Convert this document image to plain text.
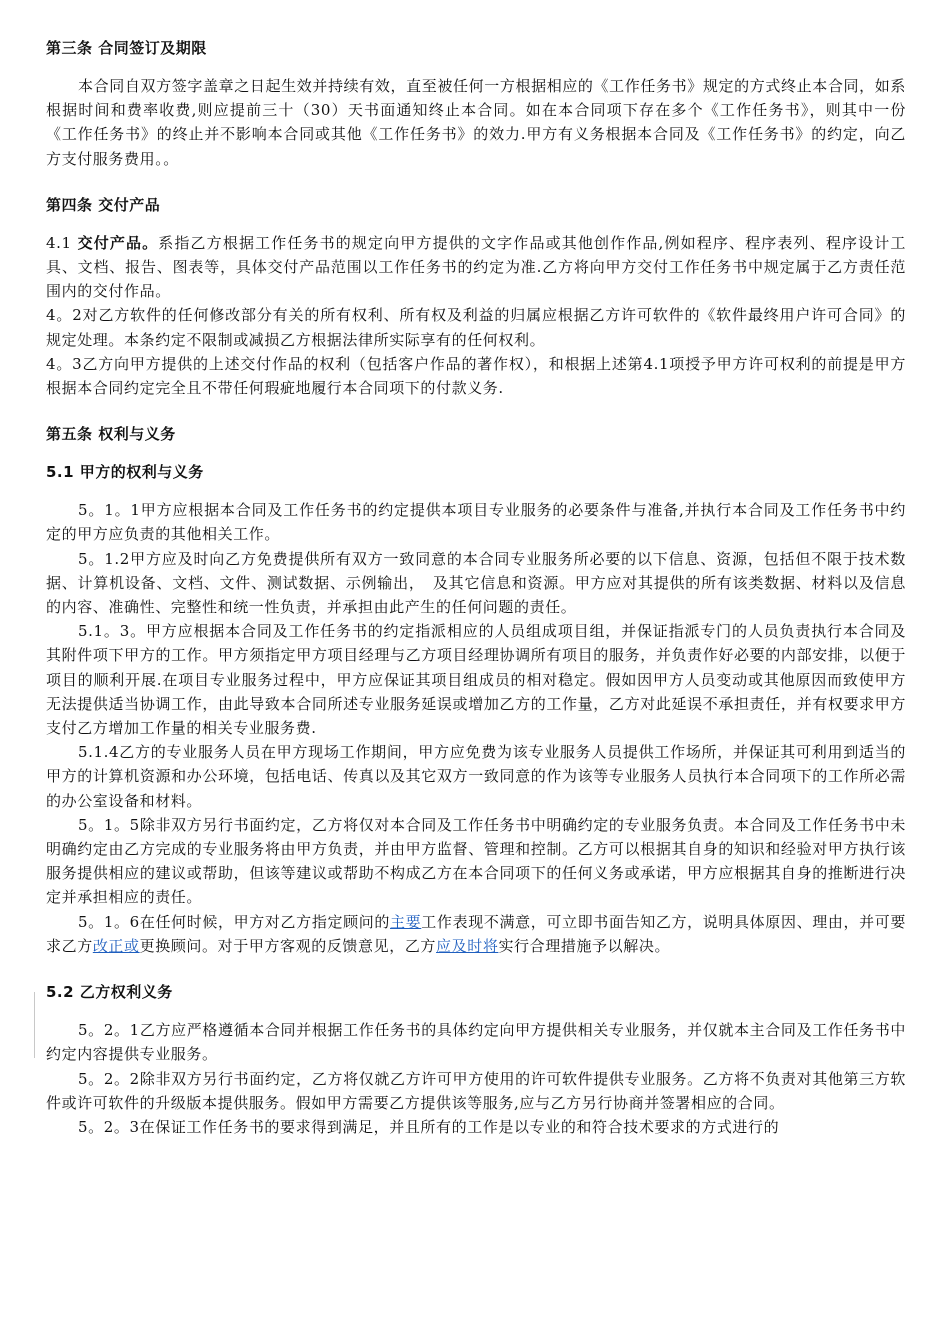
第三条 合同签订及期限

本合同自双方签字盖章之日起生效并持续有效，直至被任何一方根据相应的《工作任务书》规定的方式终止本合同，如系根据时间和费率收费,则应提前三十（30）天书面通知终止本合同。如在本合同项下存在多个《工作任务书》，则其中一份《工作任务书》的终止并不影响本合同或其他《工作任务书》的效力.甲方有义务根据本合同及《工作任务书》的约定，向乙方支付服务费用。。

第四条 交付产品

4.1 交付产品。系指乙方根据工作任务书的规定向甲方提供的文字作品或其他创作作品,例如程序、程序表列、程序设计工具、文档、报告、图表等，具体交付产品范围以工作任务书的约定为准.乙方将向甲方交付工作任务书中规定属于乙方责任范围内的交付作品。

4。2对乙方软件的任何修改部分有关的所有权利、所有权及利益的归属应根据乙方许可软件的《软件最终用户许可合同》的规定处理。本条约定不限制或减损乙方根据法律所实际享有的任何权利。

4。3乙方向甲方提供的上述交付作品的权利（包括客户作品的著作权），和根据上述第4.1项授予甲方许可权利的前提是甲方根据本合同约定完全且不带任何瑕疵地履行本合同项下的付款义务.

第五条 权利与义务

5.1 甲方的权利与义务

5。1。1甲方应根据本合同及工作任务书的约定提供本项目专业服务的必要条件与准备,并执行本合同及工作任务书中约定的甲方应负责的其他相关工作。

5。1.2甲方应及时向乙方免费提供所有双方一致同意的本合同专业服务所必要的以下信息、资源，包括但不限于技术数据、计算机设备、文档、文件、测试数据、示例输出，　及其它信息和资源。甲方应对其提供的所有该类数据、材料以及信息的内容、准确性、完整性和统一性负责，并承担由此产生的任何问题的责任。

5.1。3。甲方应根据本合同及工作任务书的约定指派相应的人员组成项目组，并保证指派专门的人员负责执行本合同及其附件项下甲方的工作。甲方须指定甲方项目经理与乙方项目经理协调所有项目的服务，并负责作好必要的内部安排，以便于项目的顺利开展.在项目专业服务过程中，甲方应保证其项目组成员的相对稳定。假如因甲方人员变动或其他原因而致使甲方无法提供适当协调工作，由此导致本合同所述专业服务延误或增加乙方的工作量，乙方对此延误不承担责任，并有权要求甲方支付乙方增加工作量的相关专业服务费.

5.1.4乙方的专业服务人员在甲方现场工作期间，甲方应免费为该专业服务人员提供工作场所，并保证其可利用到适当的甲方的计算机资源和办公环境，包括电话、传真以及其它双方一致同意的作为该等专业服务人员执行本合同项下的工作所必需的办公室设备和材料。

5。1。5除非双方另行书面约定，乙方将仅对本合同及工作任务书中明确约定的专业服务负责。本合同及工作任务书中未明确约定由乙方完成的专业服务将由甲方负责，并由甲方监督、管理和控制。乙方可以根据其自身的知识和经验对甲方执行该服务提供相应的建议或帮助，但该等建议或帮助不构成乙方在本合同项下的任何义务或承诺，甲方应根据其自身的推断进行决定并承担相应的责任。

5。1。6在任何时候，甲方对乙方指定顾问的主要工作表现不满意，可立即书面告知乙方，说明具体原因、理由，并可要求乙方改正或更换顾问。对于甲方客观的反馈意见，乙方应及时将实行合理措施予以解决。

5.2 乙方权利义务

5。2。1乙方应严格遵循本合同并根据工作任务书的具体约定向甲方提供相关专业服务，并仅就本主合同及工作任务书中约定内容提供专业服务。

5。2。2除非双方另行书面约定，乙方将仅就乙方许可甲方使用的许可软件提供专业服务。乙方将不负责对其他第三方软件或许可软件的升级版本提供服务。假如甲方需要乙方提供该等服务,应与乙方另行协商并签署相应的合同。

5。2。3在保证工作任务书的要求得到满足，并且所有的工作是以专业的和符合技术要求的方式进行的
